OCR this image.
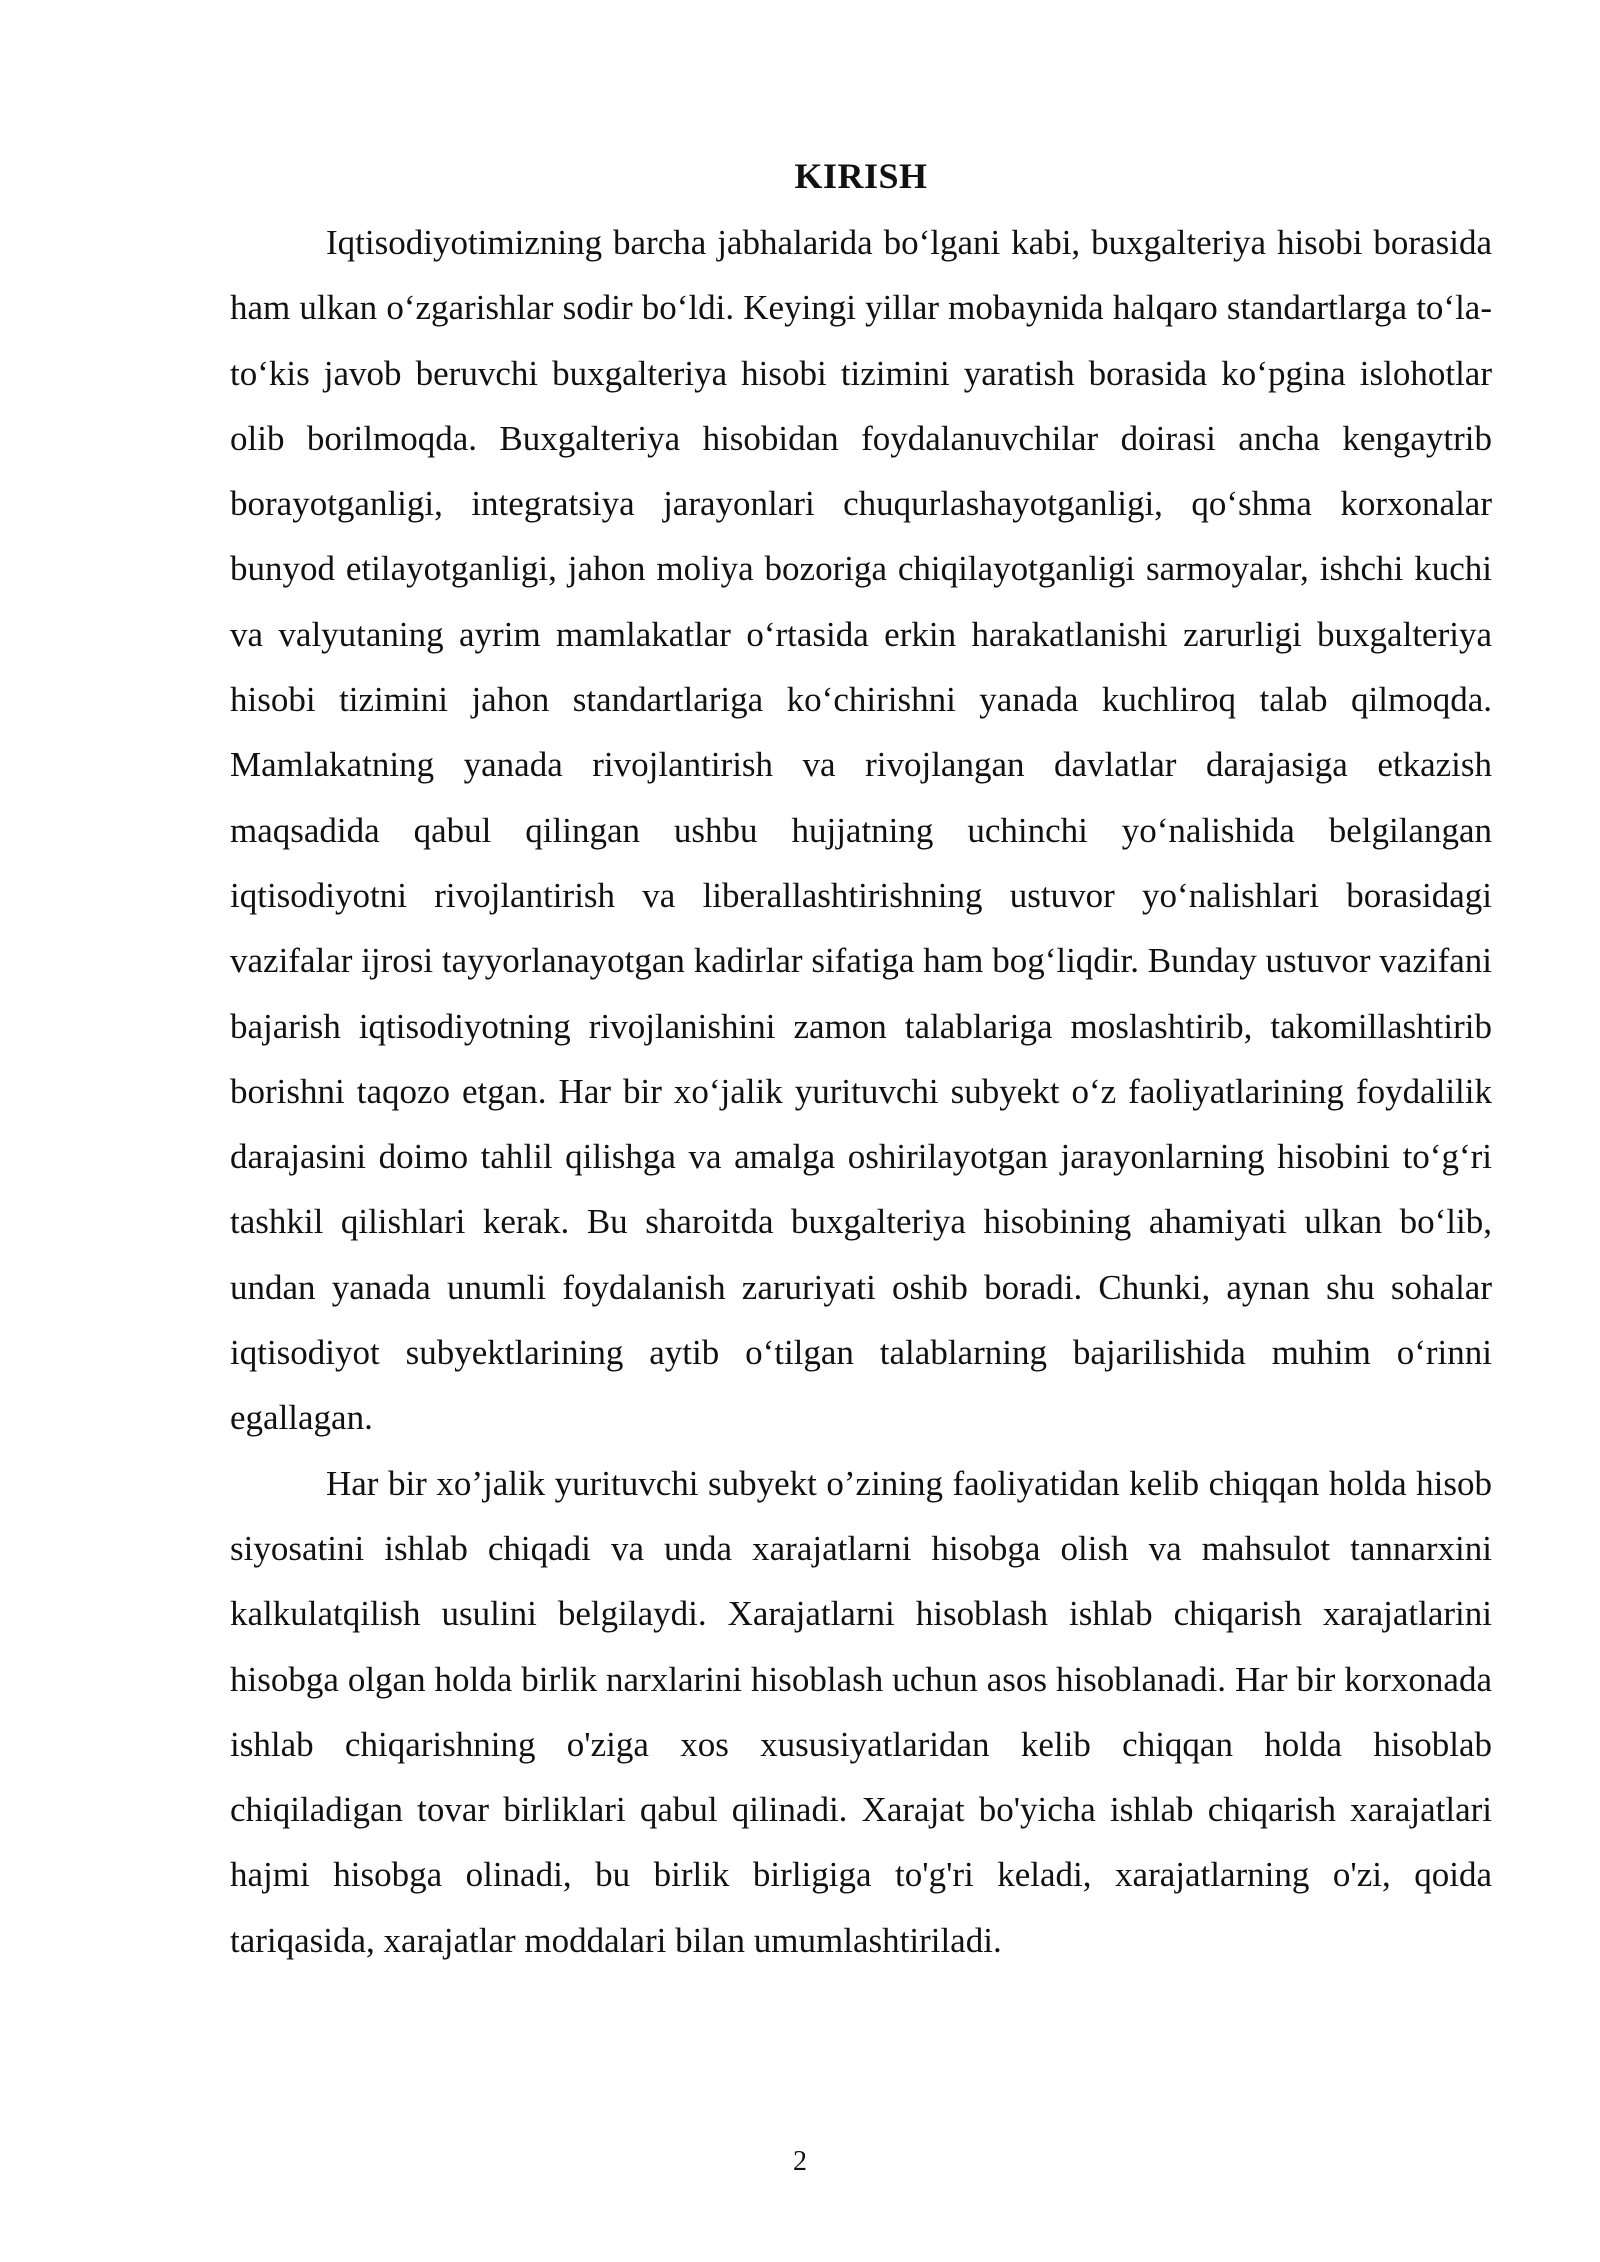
KIRISH

Iqtisodiyotimizning barcha jabhalarida bo‘lgani kabi, buxgalteriya hisobi borasida ham ulkan o‘zgarishlar sodir bo‘ldi. Keyingi yillar mobaynida halqaro standartlarga to‘la-to‘kis javob beruvchi buxgalteriya hisobi tizimini yaratish borasida ko‘pgina islohotlar olib borilmoqda. Buxgalteriya hisobidan foydalanuvchilar doirasi ancha kengaytrib borayotganligi, integratsiya jarayonlari chuqurlashayotganligi, qo‘shma korxonalar bunyod etilayotganligi, jahon moliya bozoriga chiqilayotganligi sarmoyalar, ishchi kuchi va valyutaning ayrim mamlakatlar o‘rtasida erkin harakatlanishi zarurligi buxgalteriya hisobi tizimini jahon standartlariga ko‘chirishni yanada kuchliroq talab qilmoqda. Mamlakatning yanada rivojlantirish va rivojlangan davlatlar darajasiga etkazish maqsadida qabul qilingan ushbu hujjatning uchinchi yo‘nalishida belgilangan iqtisodiyotni rivojlantirish va liberallashtirishning ustuvor yo‘nalishlari borasidagi vazifalar ijrosi tayyorlanayotgan kadirlar sifatiga ham bog‘liqdir. Bunday ustuvor vazifani bajarish iqtisodiyotning rivojlanishini zamon talablariga moslashtirib, takomillashtirib borishni taqozo etgan. Har bir xo‘jalik yurituvchi subyekt o‘z faoliyatlarining foydalilik darajasini doimo tahlil qilishga va amalga oshirilayotgan jarayonlarning hisobini to‘g‘ri tashkil qilishlari kerak. Bu sharoitda buxgalteriya hisobining ahamiyati ulkan bo‘lib, undan yanada unumli foydalanish zaruriyati oshib boradi. Chunki, aynan shu sohalar iqtisodiyot subyektlarining aytib o‘tilgan talablarning bajarilishida muhim o‘rinni egallagan.

Har bir xo’jalik yurituvchi subyekt o’zining faoliyatidan kelib chiqqan holda hisob siyosatini ishlab chiqadi va unda xarajatlarni hisobga olish va mahsulot tannarxini kalkulatqilish usulini belgilaydi. Xarajatlarni hisoblash ishlab chiqarish xarajatlarini hisobga olgan holda birlik narxlarini hisoblash uchun asos hisoblanadi. Har bir korxonada ishlab chiqarishning o'ziga xos xususiyatlaridan kelib chiqqan holda hisoblab chiqiladigan tovar birliklari qabul qilinadi. Xarajat bo'yicha ishlab chiqarish xarajatlari hajmi hisobga olinadi, bu birlik birligiga to'g'ri keladi, xarajatlarning o'zi, qoida tariqasida, xarajatlar moddalari bilan umumlashtiriladi.

2
